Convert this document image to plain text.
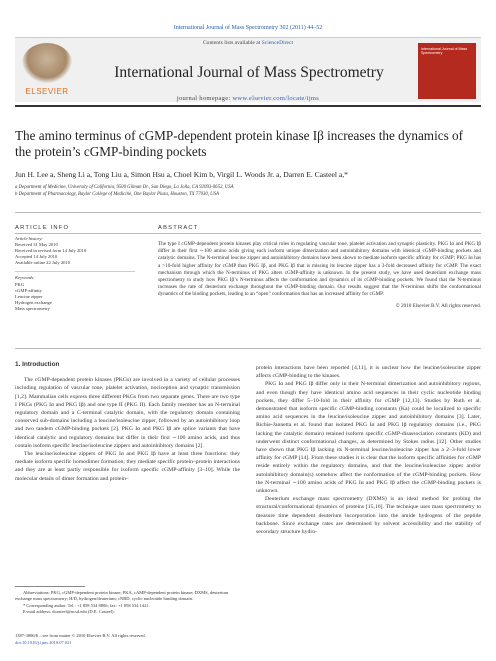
International Journal of Mass Spectrometry 302 (2011) 44–52
Contents lists available at ScienceDirect
ELSEVIER
International Journal of Mass Spectrometry
International Journal of Mass Spectrometry
journal homepage: www.elsevier.com/locate/ijms
The amino terminus of cGMP-dependent protein kinase Iβ increases the dynamics of the protein’s cGMP-binding pockets
Jun H. Lee a, Sheng Li a, Tong Liu a, Simon Hsu a, Choel Kim b, Virgil L. Woods Jr. a, Darren E. Casteel a,*
a Department of Medicine, University of California, 9500 Gilman Dr., San Diego, La Jolla, CA 92093-0652, USA
b Department of Pharmacology, Baylor College of Medicine, One Baylor Plaza, Houston, TX 77030, USA
ARTICLE INFO	ABSTRACT
Article history:
Received 31 May 2010
Received in revised form 14 July 2010
Accepted 14 July 2010
Available online 22 July 2010
Keywords:
PKG
cGMP-affinity
Leucine zipper
Hydrogen exchange
Mass spectrometry

The type I cGMP-dependent protein kinases play critical roles in regulating vascular tone, platelet activation and synaptic plasticity. PKG Iα and PKG Iβ differ in their first ∼100 amino acids giving each isoform unique dimerization and autoinhibitory domains with identical cGMP-binding pockets and catalytic domains. The N-terminal leucine zipper and autoinhibitory domains have been shown to mediate isoform specific affinity for cGMP; PKG Iα has a >10-fold higher affinity for cGMP than PKG Iβ, and PKG Iβ that is missing its leucine zipper has a 3-fold decreased affinity for cGMP. The exact mechanism through which the N-terminus of PKG alters cGMP-affinity is unknown. In the present study, we have used deuterium exchange mass spectrometry to study how PKG Iβ’s N-terminus affects the conformation and dynamics of its cGMP-binding pockets. We found that the N-terminus increases the rate of deuterium exchange throughout the cGMP-binding domain. Our results suggest that the N-terminus shifts the conformational dynamics of the binding pockets, leading to an “open” conformation that has an increased affinity for cGMP.

© 2010 Elsevier B.V. All rights reserved.
1. Introduction

The cGMP-dependent protein kinases (PKGs) are involved in a variety of cellular processes including regulation of vascular tone, platelet activation, nociception and synaptic transmission [1,2]. Mammalian cells express three different PKGs from two separate genes. There are two type I PKGs (PKG Iα and PKG Iβ) and one type II (PKG II). Each family member has an N-terminal regulatory domain and a C-terminal catalytic domain, with the regulatory domain containing conserved sub-domains including a leucine/isoleucine zipper, followed by an autoinhibitory loop and two tandem cGMP-binding pockets [2]. PKG Iα and PKG Iβ are splice variants that have identical catalytic and regulatory domains but differ in their first ∼100 amino acids, and thus contain isoform specific leucine/isoleucine zippers and autoinhibitory domains [2].

The leucine/isoleucine zippers of PKG Iα and PKG Iβ have at least three functions: they mediate isoform specific homodimer formation; they mediate specific protein–protein interactions and they are at least partly responsible for isoform specific cGMP-affinity [3–10]. While the molecular details of dimer formation and protein–

protein interactions have been reported [4,11], it is unclear how the leucine/isoleucine zipper affects cGMP-binding to the kinases.

PKG Iα and PKG Iβ differ only in their N-terminal dimerization and autoinhibitory regions, and even though they have identical amino acid sequences in their cyclic nucleotide binding pockets, they differ 5–10-fold in their affinity for cGMP [12,13]. Studies by Ruth et al. demonstrated that isoform specific cGMP-binding constants (Ka) could be localized to specific amino acid sequences in the leucine/isoleucine zipper and autoinhibitory domains [3]. Later, Richie-Jannetta et al. found that isolated PKG Iα and PKG Iβ regulatory domains (i.e., PKG lacking the catalytic domain) retained isoform specific cGMP-disassociation constants (KD) and underwent distinct conformational changes, as determined by Stokes radius [12]. Other studies have shown that PKG Iβ lacking its N-terminal leucine/isoleucine zipper has a 2–3-fold lower affinity for cGMP [14]. From these studies it is clear that the isoform specific affinities for cGMP reside entirely within the regulatory domains, and that the leucine/isoleucine zipper and/or autoinhibitory domain(s) somehow affect the conformation of the cGMP-binding pockets. How the N-terminal ∼100 amino acids of PKG Iα and PKG Iβ affect the cGMP-binding pockets is unknown.

Deuterium exchange mass spectrometry (DXMS) is an ideal method for probing the structural/conformational dynamics of proteins [15,16]. The technique uses mass spectrometry to measure time dependent deuterium incorporation into the amide hydrogens of the peptide backbone. Since exchange rates are determined by solvent accessibility and the stability of secondary structure hydro-

Abbreviations: PKG, cGMP-dependent protein kinase; PKA, cAMP-dependent protein kinase; DXMS, deuterium exchange mass spectrometry; H/D, hydrogen/deuterium; cNBD, cyclic nucleotide binding domain.
* Corresponding author. Tel.: +1 858 534 8806; fax: +1 858 534 1421.
E-mail address: dcasteel@ucsd.edu (D.E. Casteel).
1387-3806/$ – see front matter © 2010 Elsevier B.V. All rights reserved.
doi:10.1016/j.ijms.2010.07.021
